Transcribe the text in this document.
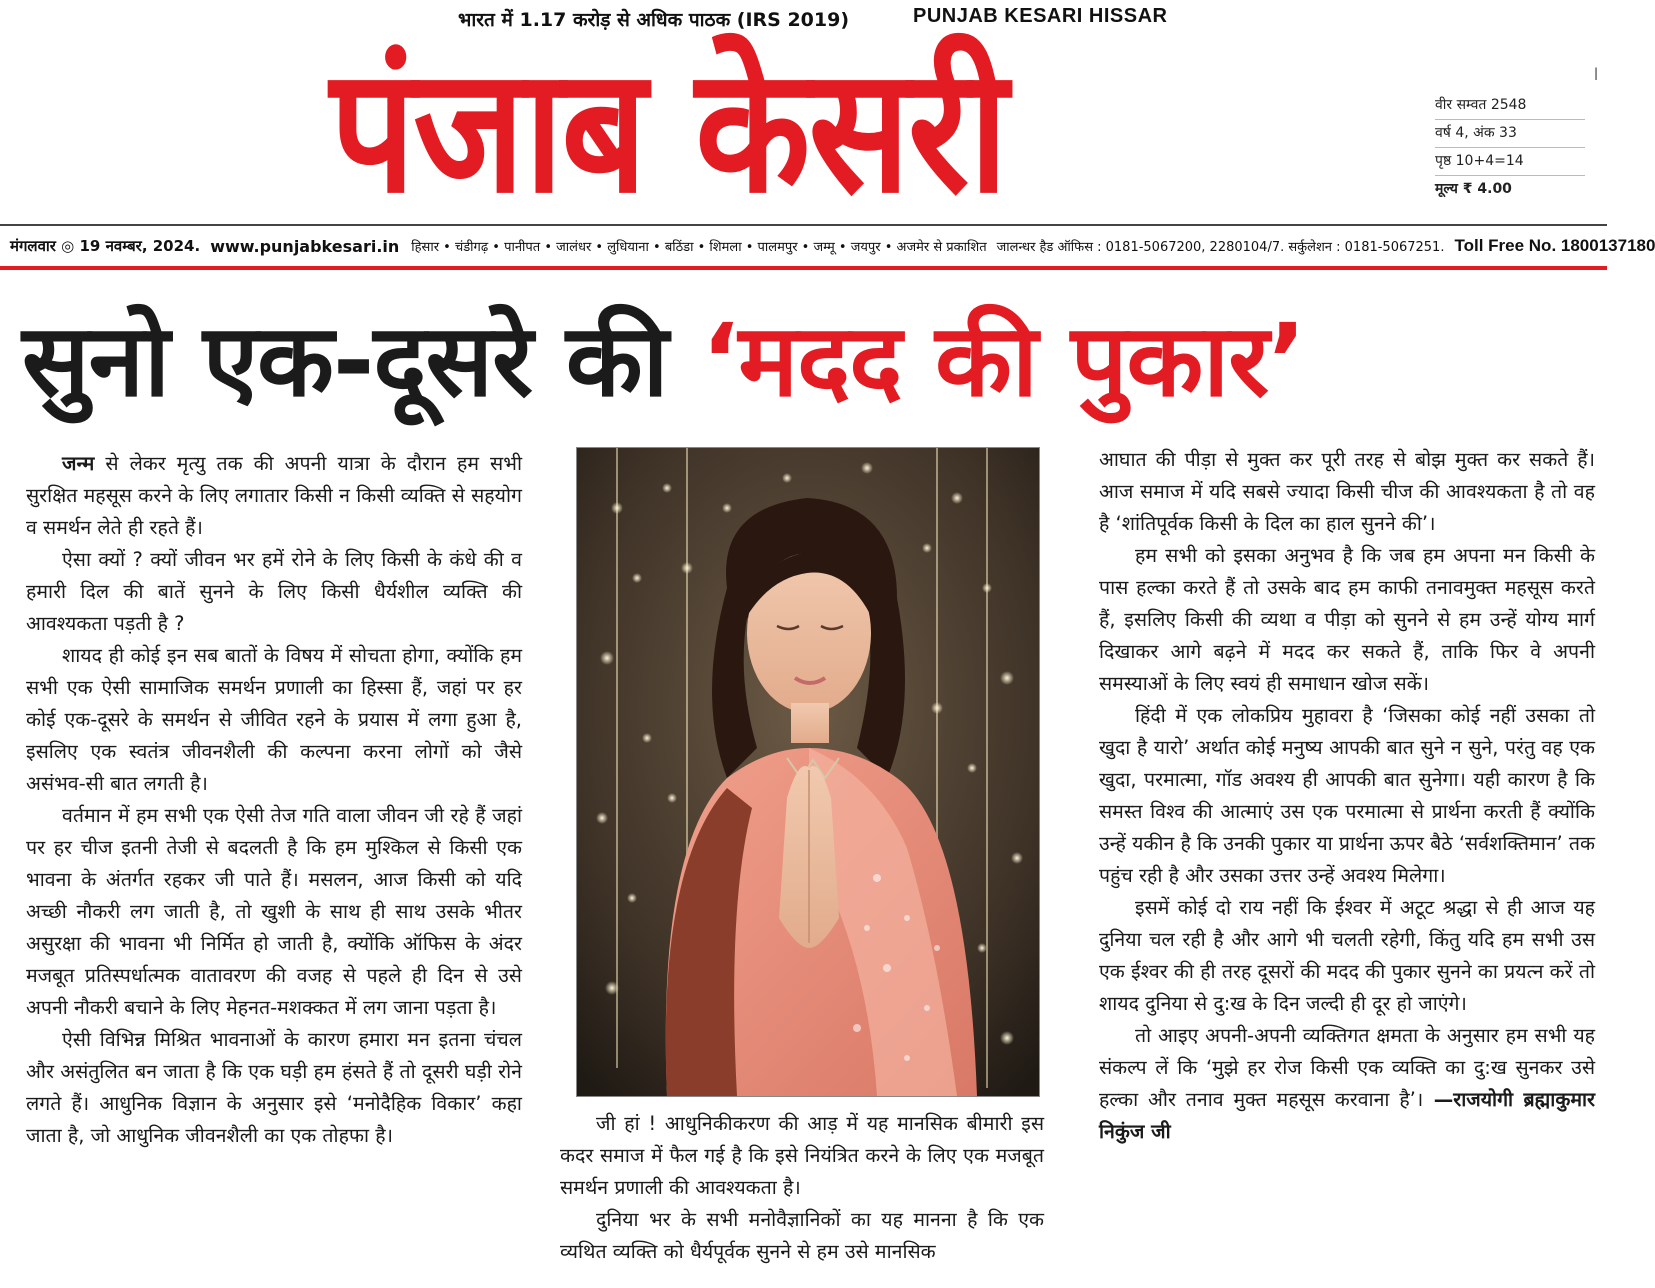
भारत में 1.17 करोड़ से अधिक पाठक (IRS 2019)	PUNJAB KESARI HISSAR
पंजाब केसरी	|
वीर सम्वत 2548
वर्ष 4, अंक 33
पृष्ठ 10+4=14
मूल्य ₹ 4.00
मंगलवार ◎ 19 नवम्बर, 2024. www.punjabkesari.in हिसार • चंडीगढ़ • पानीपत • जालंधर • लुधियाना • बठिंडा • शिमला • पालमपुर • जम्मू • जयपुर • अजमेर से प्रकाशित जालन्धर हैड ऑफिस : 0181-5067200, 2280104/7. सर्कुलेशन : 0181-5067251. Toll Free No. 1800137180
सुनो एक-दूसरे की ‘मदद की पुकार’

जन्म से लेकर मृत्यु तक की अपनी यात्रा के दौरान हम सभी सुरक्षित महसूस करने के लिए लगातार किसी न किसी व्यक्ति से सहयोग व समर्थन लेते ही रहते हैं।

ऐसा क्यों ? क्यों जीवन भर हमें रोने के लिए किसी के कंधे की व हमारी दिल की बातें सुनने के लिए किसी धैर्यशील व्यक्ति की आवश्यकता पड़ती है ?

शायद ही कोई इन सब बातों के विषय में सोचता होगा, क्योंकि हम सभी एक ऐसी सामाजिक समर्थन प्रणाली का हिस्सा हैं, जहां पर हर कोई एक-दूसरे के समर्थन से जीवित रहने के प्रयास में लगा हुआ है, इसलिए एक स्वतंत्र जीवनशैली की कल्पना करना लोगों को जैसे असंभव-सी बात लगती है।

वर्तमान में हम सभी एक ऐसी तेज गति वाला जीवन जी रहे हैं जहां पर हर चीज इतनी तेजी से बदलती है कि हम मुश्किल से किसी एक भावना के अंतर्गत रहकर जी पाते हैं। मसलन, आज किसी को यदि अच्छी नौकरी लग जाती है, तो खुशी के साथ ही साथ उसके भीतर असुरक्षा की भावना भी निर्मित हो जाती है, क्योंकि ऑफिस के अंदर मजबूत प्रतिस्पर्धात्मक वातावरण की वजह से पहले ही दिन से उसे अपनी नौकरी बचाने के लिए मेहनत-मशक्कत में लग जाना पड़ता है।

ऐसी विभिन्न मिश्रित भावनाओं के कारण हमारा मन इतना चंचल और असंतुलित बन जाता है कि एक घड़ी हम हंसते हैं तो दूसरी घड़ी रोने लगते हैं। आधुनिक विज्ञान के अनुसार इसे ‘मनोदैहिक विकार’ कहा जाता है, जो आधुनिक जीवनशैली का एक तोहफा है।

जी हां ! आधुनिकीकरण की आड़ में यह मानसिक बीमारी इस कदर समाज में फैल गई है कि इसे नियंत्रित करने के लिए एक मजबूत समर्थन प्रणाली की आवश्यकता है।

दुनिया भर के सभी मनोवैज्ञानिकों का यह मानना है कि एक व्यथित व्यक्ति को धैर्यपूर्वक सुनने से हम उसे मानसिक

आघात की पीड़ा से मुक्त कर पूरी तरह से बोझ मुक्त कर सकते हैं। आज समाज में यदि सबसे ज्यादा किसी चीज की आवश्यकता है तो वह है ‘शांतिपूर्वक किसी के दिल का हाल सुनने की’।

हम सभी को इसका अनुभव है कि जब हम अपना मन किसी के पास हल्का करते हैं तो उसके बाद हम काफी तनावमुक्त महसूस करते हैं, इसलिए किसी की व्यथा व पीड़ा को सुनने से हम उन्हें योग्य मार्ग दिखाकर आगे बढ़ने में मदद कर सकते हैं, ताकि फिर वे अपनी समस्याओं के लिए स्वयं ही समाधान खोज सकें।

हिंदी में एक लोकप्रिय मुहावरा है ‘जिसका कोई नहीं उसका तो खुदा है यारो’ अर्थात कोई मनुष्य आपकी बात सुने न सुने, परंतु वह एक खुदा, परमात्मा, गॉड अवश्य ही आपकी बात सुनेगा। यही कारण है कि समस्त विश्व की आत्माएं उस एक परमात्मा से प्रार्थना करती हैं क्योंकि उन्हें यकीन है कि उनकी पुकार या प्रार्थना ऊपर बैठे ‘सर्वशक्तिमान’ तक पहुंच रही है और उसका उत्तर उन्हें अवश्य मिलेगा।

इसमें कोई दो राय नहीं कि ईश्वर में अटूट श्रद्धा से ही आज यह दुनिया चल रही है और आगे भी चलती रहेगी, किंतु यदि हम सभी उस एक ईश्वर की ही तरह दूसरों की मदद की पुकार सुनने का प्रयत्न करें तो शायद दुनिया से दु:ख के दिन जल्दी ही दूर हो जाएंगे।

तो आइए अपनी-अपनी व्यक्तिगत क्षमता के अनुसार हम सभी यह संकल्प लें कि ‘मुझे हर रोज किसी एक व्यक्ति का दु:ख सुनकर उसे हल्का और तनाव मुक्त महसूस करवाना है’। —राजयोगी ब्रह्माकुमार निकुंज जी
